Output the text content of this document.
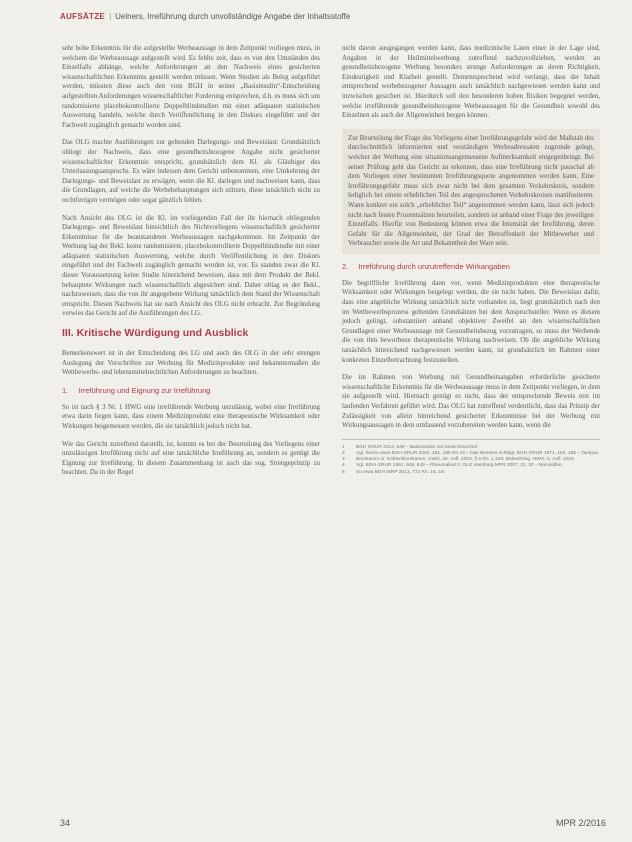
AUFSÄTZE | Uelners, Irreführung durch unvollständige Angabe der Inhaltsstoffe

sehr hohe Erkenntnis für die aufgestellte Werbeaussage in dem Zeitpunkt vorliegen muss, in welchem die Werbeaussage aufgestellt wird. Es fehlte zeit, dass es von den Umständen des Einzelfalls abhänge, welche Anforderungen an den Nachweis eines gesicherten wissenschaftlichen Erkenntnis gestellt werden müssen. Wenn Studien als Beleg aufgeführt werden, müssten diese auch den vom BGH in seiner „Basisinsulin“-Entscheidung aufgestellten Anforderungen wissenschaftlicher Forderung entsprechen, d.h. es muss sich um randomisierte placebokontrollierte Doppelblindstudien mit einer adäquaten statistischen Auswertung handeln, welche durch Veröffentlichung in den Diskurs eingeführt und der Fachwelt zugänglich gemacht worden sind.

Das OLG machte Ausführungen zur geltenden Darlegungs- und Beweislast: Grundsätzlich obliegt der Nachweis, dass eine gesundheitsbezogene Angabe nicht gesicherter wissenschaftlicher Erkenntnis entspricht, grundsätzlich dem Kl. als Gläubiger des Unterlassungsanspruchs. Es wäre indessen dem Gericht unbenommen, eine Umkehrung der Darlegungs- und Beweislast zu erwägen, wenn die Kl. darlegen und nachweisen kann, dass die Grundlagen, auf welche die Werbebehauptungen sich stützen, diese tatsächlich nicht zu rechtfertigen vermögen oder sogar gänzlich fehlen.

Nach Ansicht des OLG ist die Kl. im vorliegenden Fall der ihr hiernach obliegenden Darlegungs- und Beweislast hinsichtlich des Nichtvorliegens wissenschaftlich gesicherter Erkenntnisse für die beanstandeten Werbeaussagen nachgekommen. Im Zeitpunkt der Werbung lag der Bekl. keine randomisierte, placebokontrollierte Doppelblindstudie mit einer adäquaten statistischen Auswertung, welche durch Veröffentlichung in den Diskurs eingeführt und der Fachwelt zugänglich gemacht worden ist, vor. Es standen zwar die Kl. dieser Voraussetzung keine Studie hinreichend beweisen, dass mit dem Produkt der Bekl. behauptete Wirkungen nach wissenschaftlich abgesichert sind. Daher oblag es der Bekl., nachzuweisen, dass die von ihr angegebene Wirkung tatsächlich dem Stand der Wissenschaft entspricht. Diesen Nachweis hat sie nach Ansicht des OLG nicht erbracht. Zur Begründung verwies das Gericht auf die Ausführungen des LG.

III. Kritische Würdigung und Ausblick

Bemerkenswert ist in der Entscheidung des LG und auch des OLG in der sehr strengen Auslegung der Vorschriften zur Werbung für Medizinprodukte und bekanntermaßen die Wettbewerbs- und lebensmittelrechtlichen Anforderungen zu beachten.

1. Irreführung und Eignung zur Irreführung

So ist nach § 3 Nr. 1 HWG eine irreführende Werbung unzulässig, wobei eine Irreführung etwa darin liegen kann, dass einem Medizinprodukt eine therapeutische Wirksamkeit oder Wirkungen beigemessen werden, die sie tatsächlich jedoch nicht hat.

Wie das Gericht zutreffend darstellt, ist, kommt es bei der Beurteilung des Vorliegens einer unzulässigen Irreführung nicht auf eine tatsächliche Irreführung an, sondern es genügt die Eignung zur Irreführung. In diesem Zusammenhang ist auch das sog. Strengeprinzip zu beachten. Da in der Regel

nicht davon ausgegangen werden kann, dass medizinische Laien einer in der Lage sind, Angaben in der Heilmittelwerbung zutreffend nachzuvollziehen, werden an gesundheitsbezogene Werbung besonders strenge Anforderungen an deren Richtigkeit, Eindeutigkeit und Klarheit gestellt. Dementsprechend wird verlangt, dass der Inhalt entsprechend werbebezogener Aussagen auch tatsächlich nachgewiesen werden kann und inzwischen gesichert ist. Hierdurch soll den besonderen hohen Risiken begegnet werden, welche irreführende gesundheitsbezogene Werbeaussagen für die Gesundheit sowohl des Einzelnen als auch der Allgemeinheit bergen können.

Zur Beurteilung der Frage des Vorliegens einer Irreführungsgefahr wird der Maßstab des durchschnittlich informierten und verständigen Werbeadressaten zugrunde gelegt, welcher der Werbung eine situationsangemessene Aufmerksamkeit entgegenbringt. Bei seiner Prüfung geht das Gericht zu erkennen, dass eine Irreführung nicht pauschal ab dem Vorliegen einer bestimmten Irreführungsquote angenommen werden kann. Eine Irreführungsgefahr muss sich zwar nicht bei dem gesamten Verkehrskreis, sondern lediglich bei einem erheblichen Teil des angesprochenen Verkehrskreises manifestieren. Wann konkret ein solch „erheblicher Teil“ angenommen werden kann, lässt sich jedoch nicht nach festen Prozentsätzen beurteilen, sondern ist anhand einer Frage des jeweiligen Einzelfalls. Hierfür von Bedeutung können etwa die Intensität der Irreführung, deren Gefahr für die Allgemeinheit, der Grad der Betroffenheit der Mitbewerber und Verbraucher sowie die Art und Bekanntheit der Ware sein.

2. Irreführung durch unzutreffende Wirkangaben

Die begriffliche Irreführung dann vor, wenn Medizinprodukten eine therapeutische Wirksamkeit oder Wirkungen beigelegt werden, die sie nicht haben. Die Beweislast dafür, dass eine angebliche Wirkung tatsächlich nicht vorhanden ist, liegt grundsätzlich nach den im Wettbewerbsprozess geltenden Grundsätzen bei dem Anspruchsteller. Wenn es diesem jedoch gelingt, substantiiert anhand objektiver Zweifel an den wissenschaftlichen Grundlagen einer Werbeaussage mit Gesundheitsbezug vorzutragen, so muss der Werbende die von ihm beworbene therapeutische Wirkung nachweisen. Ob die angebliche Wirkung tatsächlich hinreichend nachgewiesen werden kann, ist grundsätzlich im Rahmen einer konkreten Einzelbetrachtung festzustellen.

Die im Rahmen von Werbung mit Gesundheitsangaben erforderliche gesicherte wissenschaftliche Erkenntnis für die Werbeaussage muss in dem Zeitpunkt vorliegen, in dem sie aufgestellt wird. Hiernach genügt es nicht, dass der entsprechende Beweis erst im laufenden Verfahren geführt wird. Das OLG hat zutreffend verdeutlicht, dass das Prinzip der Zulässigkeit von allein hinreichend gesicherter Erkenntnisse bei der Werbung mit Wirkungsaussagen in dem umfassend vorzubereiten werden kann, wenn die

1	BGH GRUR 2013, 649 – Basisinsulin mit Gewichtsvorteil.
2	Vgl. hierzu etwa BGH GRUR 2002, 182, 185 Rn 19 – Das Bessere schlägt; BGH GRUR 1971, 153, 155 – Tampax.
3	Bornkamm in: Köhler/Bornkamm, UWG, 34. Aufl. 2016, § 5 Rn. 1.183; Bülow/Ring, HWG, 5. Aufl. 2015.
4	Vgl. BGH GRUR 1991, 848, 849 – Rheumalind II; OLG Hamburg MPR 2007, 22, 30 – Nanosilber.
5	So etwa BGH WRP 2013, 772 Rn. 16, 18.
34	MPR 2/2016
